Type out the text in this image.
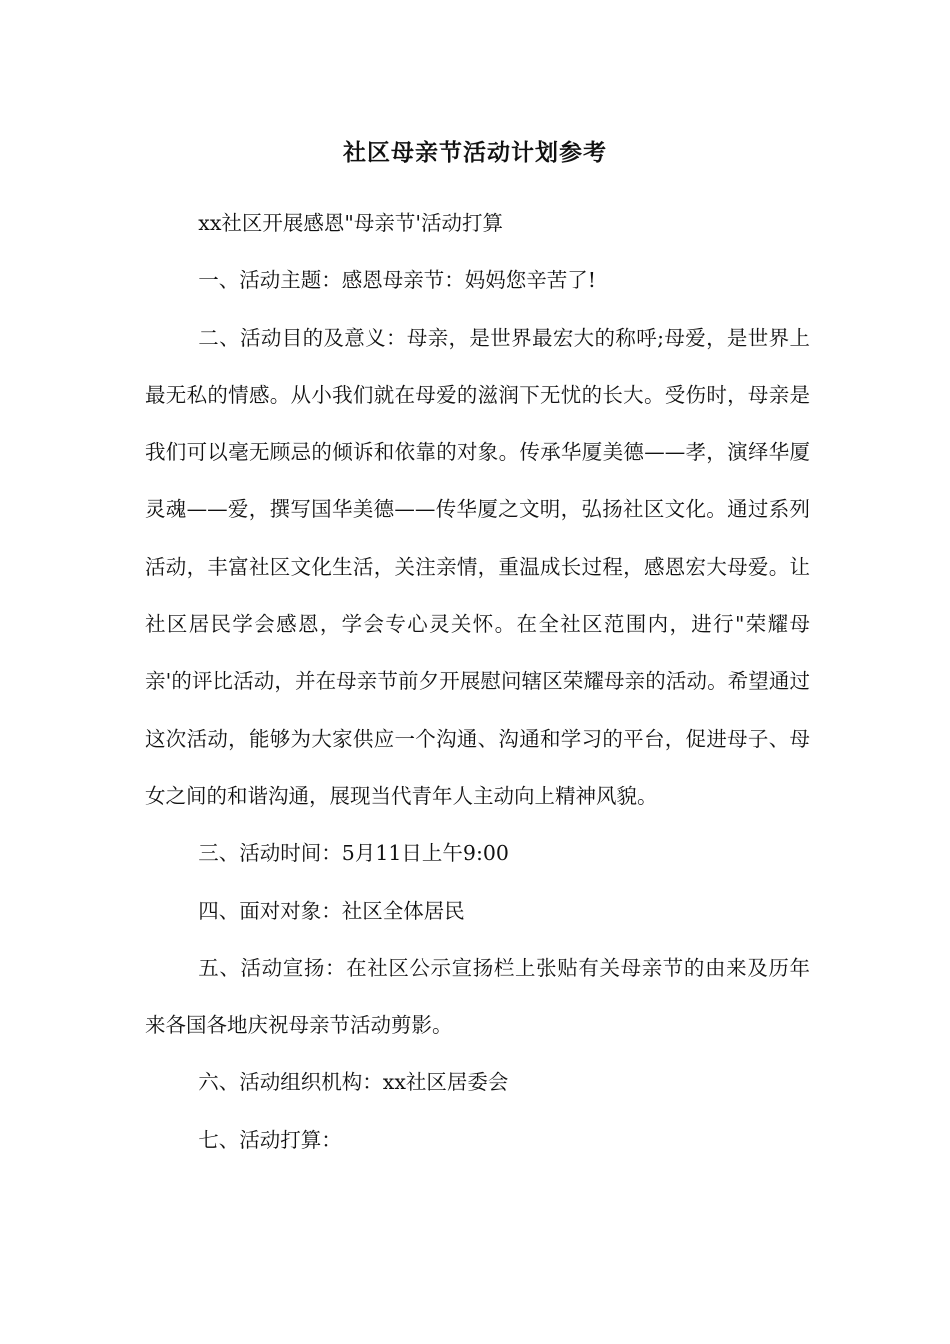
社区母亲节活动计划参考

xx社区开展感恩"母亲节'活动打算

一、活动主题：感恩母亲节：妈妈您辛苦了!

二、活动目的及意义：母亲，是世界最宏大的称呼;母爱，是世界上最无私的情感。从小我们就在母爱的滋润下无忧的长大。受伤时，母亲是我们可以毫无顾忌的倾诉和依靠的对象。传承华厦美德——孝，演绎华厦灵魂——爱，撰写国华美德——传华厦之文明，弘扬社区文化。通过系列活动，丰富社区文化生活，关注亲情，重温成长过程，感恩宏大母爱。让社区居民学会感恩，学会专心灵关怀。在全社区范围内，进行"荣耀母亲'的评比活动，并在母亲节前夕开展慰问辖区荣耀母亲的活动。希望通过这次活动，能够为大家供应一个沟通、沟通和学习的平台，促进母子、母女之间的和谐沟通，展现当代青年人主动向上精神风貌。

三、活动时间：5月11日上午9:00

四、面对对象：社区全体居民

五、活动宣扬：在社区公示宣扬栏上张贴有关母亲节的由来及历年来各国各地庆祝母亲节活动剪影。

六、活动组织机构：xx社区居委会

七、活动打算：
